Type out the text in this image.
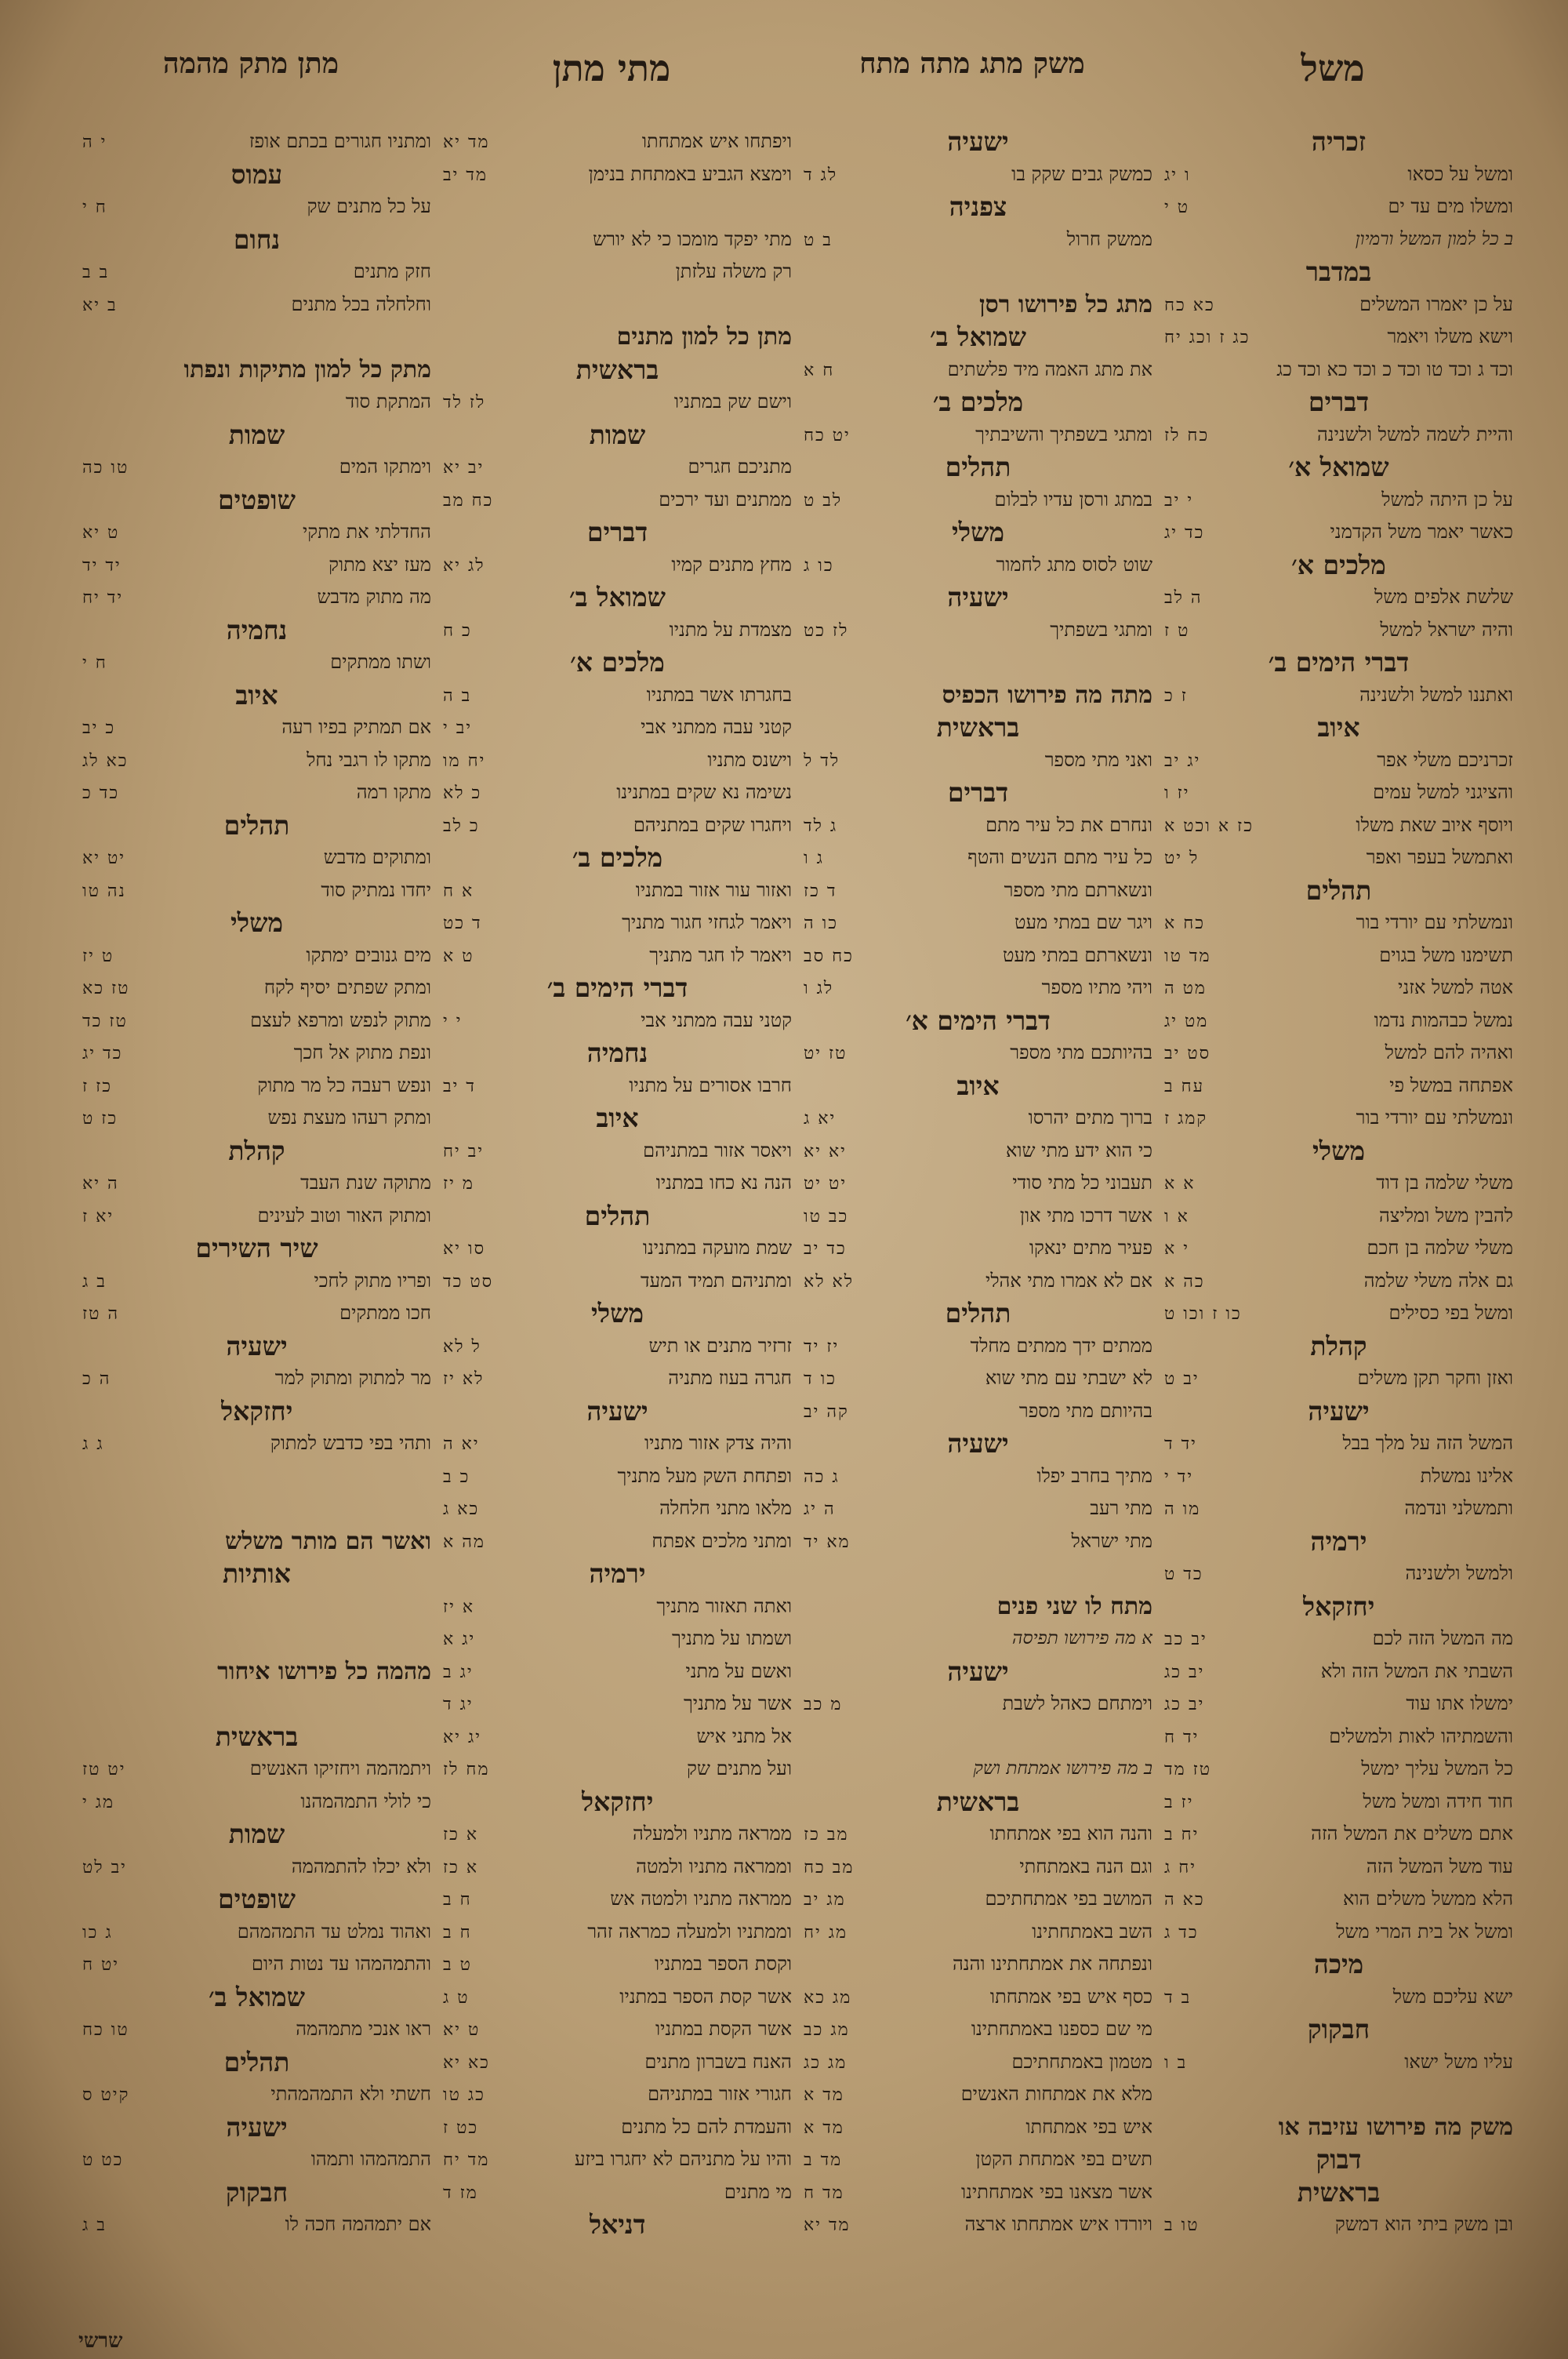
משל
משק מתג מתה מתח
מתי מתן
מתן מתק מהמה
זכריה
ומשל על כסאו
ו יג
ומשלו מים עד ים
ט י
ב כל למון המשל ורמיון
במדבר
על כן יאמרו המשלים
כא כח
וישא משלו ויאמר
כג ז וכג יח
וכד ג וכד טו וכד כ וכד כא וכד כג
דברים
והיית לשמה למשל ולשנינה
כח לז
שמואל א׳
על כן היתה למשל
י יב
כאשר יאמר משל הקדמני
כד יג
מלכים א׳
שלשת אלפים משל
ה לב
והיה ישראל למשל
ט ז
דברי הימים ב׳
ואתננו למשל ולשנינה
ז כ
איוב
זכרניכם משלי אפר
יג יב
והציגני למשל עמים
יז ו
ויוסף איוב שאת משלו
כז א וכט א
ואתמשל בעפר ואפר
ל יט
תהלים
ונמשלתי עם יורדי בור
כח א
תשימנו משל בגוים
מד טו
אטה למשל אזני
מט ה
נמשל כבהמות נדמו
מט יג
ואהיה להם למשל
סט יב
אפתחה במשל פי
עח ב
ונמשלתי עם יורדי בור
קמג ז
משלי
משלי שלמה בן דוד
א א
להבין משל ומליצה
א ו
משלי שלמה בן חכם
י א
גם אלה משלי שלמה
כה א
ומשל בפי כסילים
כו ז וכו ט
קהלת
ואזן וחקר תקן משלים
יב ט
ישעיה
המשל הזה על מלך בבל
יד ד
אלינו נמשלת
יד י
ותמשלני ונדמה
מו ה
ירמיה
ולמשל ולשנינה
כד ט
יחזקאל
מה המשל הזה לכם
יב כב
השבתי את המשל הזה ולא
יב כג
ימשלו אתו עוד
יב כג
והשמתיהו לאות ולמשלים
יד ח
כל המשל עליך ימשל
טז מד
חוד חידה ומשל משל
יז ב
אתם משלים את המשל הזה
יח ב
עוד משל המשל הזה
יח ג
הלא ממשל משלים הוא
כא ה
ומשל אל בית המרי משל
כד ג
מיכה
ישא עליכם משל
ב ד
חבקוק
עליו משל ישאו
ב ו
משק מה פירושו עזיבה או
דבוק
בראשית
ובן משק ביתי הוא דמשק
טו ב
ישעיה
כמשק גבים שקק בו
לג ד
צפניה
ממשק חרול
ב ט
מתג כל פירושו רסן
שמואל ב׳
את מתג האמה מיד פלשתים
ח א
מלכים ב׳
ומתגי בשפתיך והשיבתיך
יט כח
תהלים
במתג ורסן עדיו לבלום
לב ט
משלי
שוט לסוס מתג לחמור
כו ג
ישעיה
ומתגי בשפתיך
לז כט
מתה מה פירושו הכפיס
בראשית
ואני מתי מספר
לד ל
דברים
ונחרם את כל עיר מתם
ג לד
כל עיר מתם הנשים והטף
ג ו
ונשארתם מתי מספר
ד כז
ויגר שם במתי מעט
כו ה
ונשארתם במתי מעט
כח סב
ויהי מתיו מספר
לג ו
דברי הימים א׳
בהיותכם מתי מספר
טז יט
איוב
ברוך מתים יהרסו
יא ג
כי הוא ידע מתי שוא
יא יא
תעבוני כל מתי סודי
יט יט
אשר דרכו מתי און
כב טו
פעיר מתים ינאקו
כד יב
אם לא אמרו מתי אהלי
לא לא
תהלים
ממתים ידך ממתים מחלד
יז יד
לא ישבתי עם מתי שוא
כו ד
בהיותם מתי מספר
קה יב
ישעיה
מתיך בחרב יפלו
ג כה
מתי רעב
ה יג
מתי ישראל
מא יד
מתח לו שני פנים
א מה פירושו תפיסה
ישעיה
וימתחם כאהל לשבת
מ כב
ב מה פירושו אמתחת ושק
בראשית
והנה הוא בפי אמתחתו
מב כז
וגם הנה באמתחתי
מב כח
המושב בפי אמתחתיכם
מג יב
השב באמתחתינו
מג יח
ונפתחה את אמתחתינו והנה
כסף איש בפי אמתחתו
מג כא
מי שם כספנו באמתחתינו
מג כב
מטמון באמתחתיכם
מג כג
מלא את אמתחות האנשים
מד א
איש בפי אמתחתו
מד א
תשים בפי אמתחת הקטן
מד ב
אשר מצאנו בפי אמתחתינו
מד ח
ויורדו איש אמתחתו ארצה
מד יא
ויפתחו איש אמתחתו
מד יא
וימצא הגביע באמתחת בנימן
מד יב
מתי יפקד מומכו כי לא יורש
רק משלה עלזתן
מתן כל למון מתנים
בראשית
וישם שק במתניו
לז לד
שמות
מתניכם חגרים
יב יא
ממתנים ועד ירכים
כח מב
דברים
מחץ מתנים קמיו
לג יא
שמואל ב׳
מצמדת על מתניו
כ ח
מלכים א׳
בחגרתו אשר במתניו
ב ה
קטני עבה ממתני אבי
יב י
וישנס מתניו
יח מו
נשימה נא שקים במתנינו
כ לא
ויחגרו שקים במתניהם
כ לב
מלכים ב׳
ואזור עור אזור במתניו
א ח
ויאמר לגחזי חגור מתניך
ד כט
ויאמר לו חגר מתניך
ט א
דברי הימים ב׳
קטני עבה ממתני אבי
י י
נחמיה
חרבו אסורים על מתניו
ד יב
איוב
ויאסר אזור במתניהם
יב יח
הנה נא כחו במתניו
מ יז
תהלים
שמת מועקה במתנינו
סו יא
ומתניהם תמיד המעד
סט כד
משלי
זרזיר מתנים או תיש
ל לא
חגרה בעוז מתניה
לא יז
ישעיה
והיה צדק אזור מתניו
יא ה
ופתחת השק מעל מתניך
כ ב
מלאו מתני חלחלה
כא ג
ומתני מלכים אפתח
מה א
ירמיה
ואתה תאזור מתניך
א יז
ושמתו על מתניך
יג א
ואשם על מתני
יג ב
אשר על מתניך
יג ד
אל מתני איש
יג יא
ועל מתנים שק
מח לז
יחזקאל
ממראה מתניו ולמעלה
א כז
וממראה מתניו ולמטה
א כז
ממראה מתניו ולמטה אש
ח ב
וממתניו ולמעלה כמראה זהר
ח ב
וקסת הספר במתניו
ט ב
אשר קסת הספר במתניו
ט ג
אשר הקסת במתניו
ט יא
האנח בשברון מתנים
כא יא
חגורי אזור במתניהם
כג טו
והעמדת להם כל מתנים
כט ז
והיו על מתניהם לא יחגרו ביזע
מד יח
מי מתנים
מז ד
דניאל
ומתניו חגורים בכתם אופז
י ה
עמוס
על כל מתנים שק
ח י
נחום
חזק מתנים
ב ב
וחלחלה בכל מתנים
ב יא
מתק כל למון מתיקות ונפתו
המתקת סוד
שמות
וימתקו המים
טו כה
שופטים
החדלתי את מתקי
ט יא
מעז יצא מתוק
יד יד
מה מתוק מדבש
יד יח
נחמיה
ושתו ממתקים
ח י
איוב
אם תמתיק בפיו רעה
כ יב
מתקו לו רגבי נחל
כא לג
מתקו רמה
כד כ
תהלים
ומתוקים מדבש
יט יא
יחדו נמתיק סוד
נה טו
משלי
מים גנובים ימתקו
ט יז
ומתק שפתים יסיף לקח
טז כא
מתוק לנפש ומרפא לעצם
טז כד
ונפת מתוק אל חכך
כד יג
ונפש רעבה כל מר מתוק
כז ז
ומתק רעהו מעצת נפש
כז ט
קהלת
מתוקה שנת העבד
ה יא
ומתוק האור וטוב לעינים
יא ז
שיר השירים
ופריו מתוק לחכי
ב ג
חכו ממתקים
ה טז
ישעיה
מר למתוק ומתוק למר
ה כ
יחזקאל
ותהי בפי כדבש למתוק
ג ג
ואשר הם מותר משלש
אותיות
מהמה כל פירושו איחור
בראשית
ויתמהמה ויחזיקו האנשים
יט טז
כי לולי התמהמהנו
מג י
שמות
ולא יכלו להתמהמה
יב לט
שופטים
ואהוד נמלט עד התמהמהם
ג כו
והתמהמהו עד נטות היום
יט ח
שמואל ב׳
ראו אנכי מתמהמה
טו כח
תהלים
חשתי ולא התמהמהתי
קיט ס
ישעיה
התמהמהו ותמהו
כט ט
חבקוק
אם יתמהמה חכה לו
ב ג
שרשי
